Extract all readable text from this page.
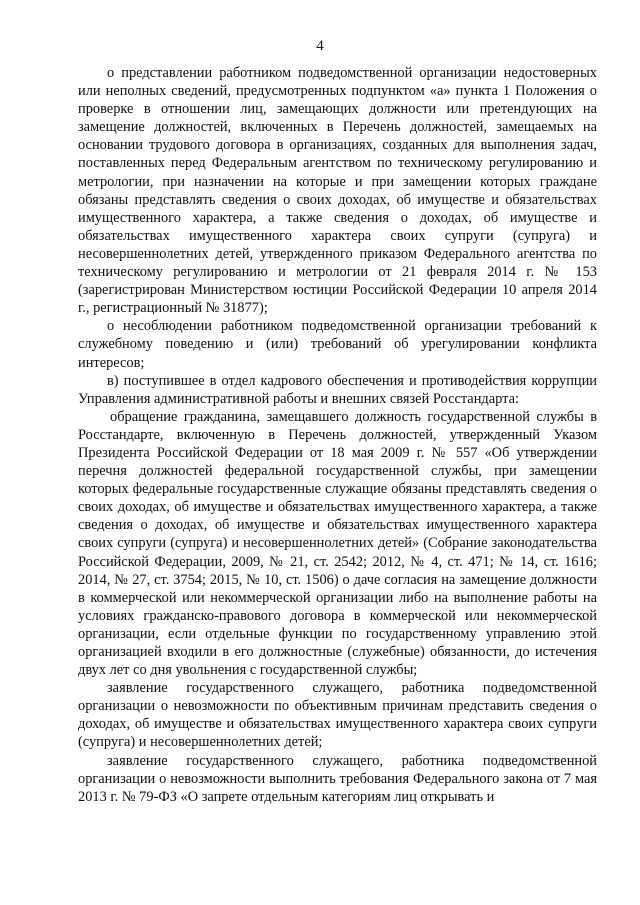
4

о представлении работником подведомственной организации недостоверных или неполных сведений, предусмотренных подпунктом «а» пункта 1 Положения о проверке в отношении лиц, замещающих должности или претендующих на замещение должностей, включенных в Перечень должностей, замещаемых на основании трудового договора в организациях, созданных для выполнения задач, поставленных перед Федеральным агентством по техническому регулированию и метрологии, при назначении на которые и при замещении которых граждане обязаны представлять сведения о своих доходах, об имуществе и обязательствах имущественного характера, а также сведения о доходах, об имуществе и обязательствах имущественного характера своих супруги (супруга) и несовершеннолетних детей, утвержденного приказом Федерального агентства по техническому регулированию и метрологии от 21 февраля 2014 г. № 153 (зарегистрирован Министерством юстиции Российской Федерации 10 апреля 2014 г., регистрационный № 31877);

о несоблюдении работником подведомственной организации требований к служебному поведению и (или) требований об урегулировании конфликта интересов;

в) поступившее в отдел кадрового обеспечения и противодействия коррупции Управления административной работы и внешних связей Росстандарта:

обращение гражданина, замещавшего должность государственной службы в Росстандарте, включенную в Перечень должностей, утвержденный Указом Президента Российской Федерации от 18 мая 2009 г. № 557 «Об утверждении перечня должностей федеральной государственной службы, при замещении которых федеральные государственные служащие обязаны представлять сведения о своих доходах, об имуществе и обязательствах имущественного характера, а также сведения о доходах, об имуществе и обязательствах имущественного характера своих супруги (супруга) и несовершеннолетних детей» (Собрание законодательства Российской Федерации, 2009, № 21, ст. 2542; 2012, № 4, ст. 471; № 14, ст. 1616; 2014, № 27, ст. 3754; 2015, № 10, ст. 1506) о даче согласия на замещение должности в коммерческой или некоммерческой организации либо на выполнение работы на условиях гражданско-правового договора в коммерческой или некоммерческой организации, если отдельные функции по государственному управлению этой организацией входили в его должностные (служебные) обязанности, до истечения двух лет со дня увольнения с государственной службы;

заявление государственного служащего, работника подведомственной организации о невозможности по объективным причинам представить сведения о доходах, об имуществе и обязательствах имущественного характера своих супруги (супруга) и несовершеннолетних детей;

заявление государственного служащего, работника подведомственной организации о невозможности выполнить требования Федерального закона от 7 мая 2013 г. № 79-ФЗ «О запрете отдельным категориям лиц открывать и
